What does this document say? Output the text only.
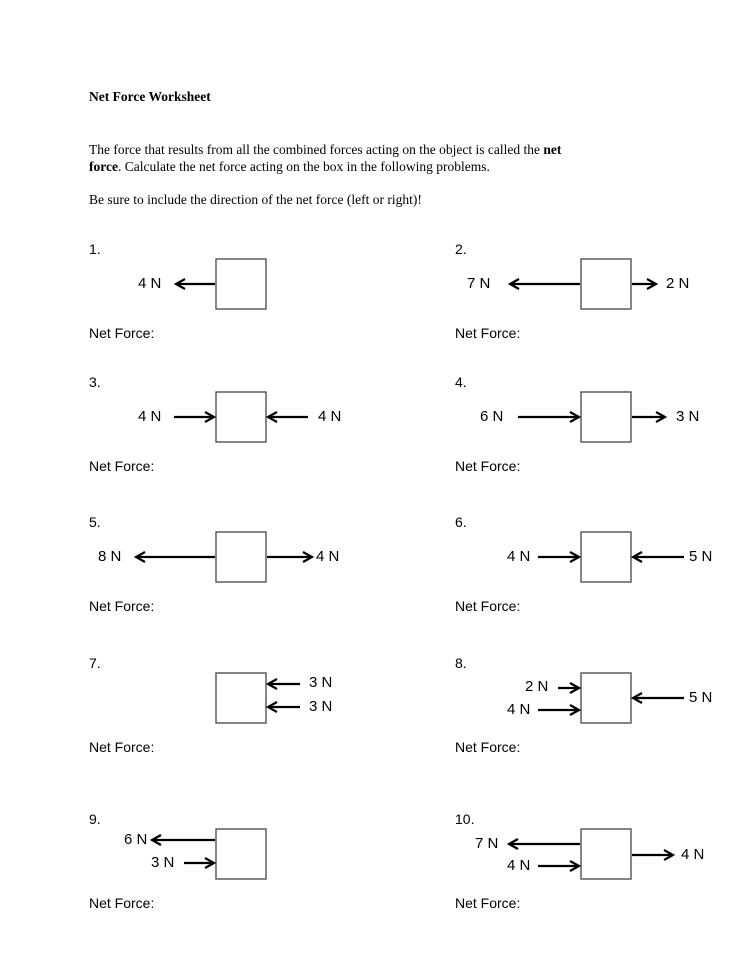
Net Force Worksheet
The force that results from all the combined forces acting on the object is called the net
force. Calculate the net force acting on the box in the following problems.
Be sure to include the direction of the net force (left or right)!
1.	2.
3.	4.
5.	6.
7.	8.
9.	10.
Net Force:	Net Force:
Net Force:	Net Force:
Net Force:	Net Force:
Net Force:	Net Force:
Net Force:	Net Force:
4 N	7 N	2 N
4 N	4 N	6 N	3 N
8 N	4 N	4 N	5 N
3 N
3 N
2 N
4 N
5 N
6 N
3 N
7 N
4 N
4 N
